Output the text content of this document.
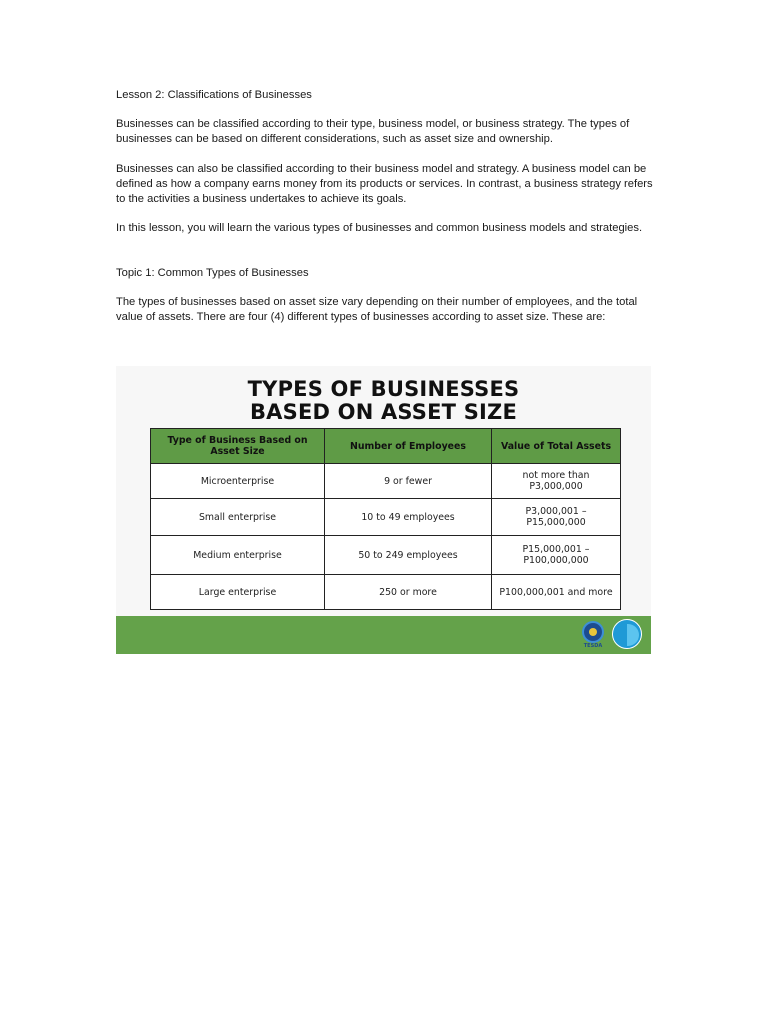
Lesson 2: Classifications of Businesses

Businesses can be classified according to their type, business model, or business strategy. The types of businesses can be based on different considerations, such as asset size and ownership.

Businesses can also be classified according to their business model and strategy. A business model can be defined as how a company earns money from its products or services. In contrast, a business strategy refers to the activities a business undertakes to achieve its goals.

In this lesson, you will learn the various types of businesses and common business models and strategies.

Topic 1: Common Types of Businesses

The types of businesses based on asset size vary depending on their number of employees, and the total value of assets. There are four (4) different types of businesses according to asset size. These are:

TYPES OF BUSINESSES
BASED ON ASSET SIZE
Type of Business Based on Asset Size	Number of Employees	Value of Total Assets
Microenterprise	9 or fewer	not more than P3,000,000
Small enterprise	10 to 49 employees	P3,000,001 – P15,000,000
Medium enterprise	50 to 249 employees	P15,000,001 – P100,000,000
Large enterprise	250 or more	P100,000,001 and more
TESDA
